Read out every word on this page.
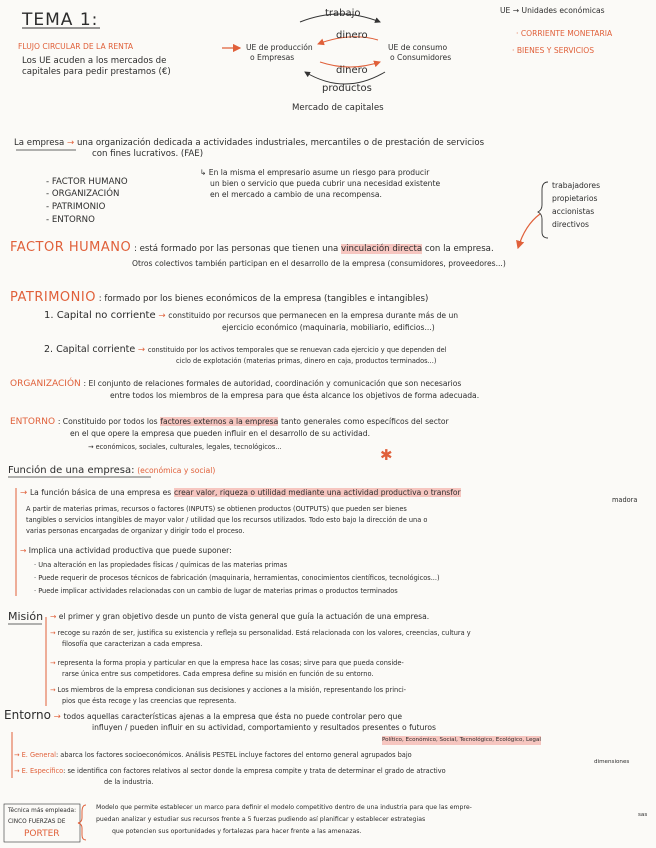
✱
TEMA 1:
FLUJO CIRCULAR DE LA RENTA
Los UE acuden a los mercados de
capitales para pedir prestamos (€)
trabajo
dinero
UE de producción
o Empresas
UE de consumo
o Consumidores
dinero
productos
Mercado de capitales
UE → Unidades económicas
· CORRIENTE MONETARIA
· BIENES Y SERVICIOS
La empresa → una organización dedicada a actividades industriales, mercantiles o de prestación de servicios
con fines lucrativos. (FAE)
- FACTOR HUMANO
- ORGANIZACIÓN
- PATRIMONIO
- ENTORNO
↳ En la misma el empresario asume un riesgo para producir
un bien o servicio que pueda cubrir una necesidad existente
en el mercado a cambio de una recompensa.
trabajadores
propietarios
accionistas
directivos
FACTOR HUMANO : está formado por las personas que tienen una vinculación directa con la empresa.
Otros colectivos también participan en el desarrollo de la empresa (consumidores, proveedores...)
PATRIMONIO : formado por los bienes económicos de la empresa (tangibles e intangibles)
1. Capital no corriente → constituido por recursos que permanecen en la empresa durante más de un
ejercicio económico (maquinaria, mobiliario, edificios...)
2. Capital corriente → constituido por los activos temporales que se renuevan cada ejercicio y que dependen del
ciclo de explotación (materias primas, dinero en caja, productos terminados...)
ORGANIZACIÓN : El conjunto de relaciones formales de autoridad, coordinación y comunicación que son necesarios
entre todos los miembros de la empresa para que ésta alcance los objetivos de forma adecuada.
ENTORNO : Constituido por todos los factores externos a la empresa tanto generales como específicos del sector
en el que opere la empresa que pueden influir en el desarrollo de su actividad.
→ económicos, sociales, culturales, legales, tecnológicos...
Función de una empresa: (económica y social)
→ La función básica de una empresa es crear valor, riqueza o utilidad mediante una actividad productiva o transfor
madora
A partir de materias primas, recursos o factores (INPUTS) se obtienen productos (OUTPUTS) que pueden ser bienes
tangibles o servicios intangibles de mayor valor / utilidad que los recursos utilizados. Todo esto bajo la dirección de una o
varias personas encargadas de organizar y dirigir todo el proceso.
→ Implica una actividad productiva que puede suponer:
· Una alteración en las propiedades físicas / químicas de las materias primas
· Puede requerir de procesos técnicos de fabricación (maquinaria, herramientas, conocimientos científicos, tecnológicos...)
· Puede implicar actividades relacionadas con un cambio de lugar de materias primas o productos terminados
Misión → el primer y gran objetivo desde un punto de vista general que guía la actuación de una empresa.
→ recoge su razón de ser, justifica su existencia y refleja su personalidad. Está relacionada con los valores, creencias, cultura y
filosofía que caracterizan a cada empresa.
→ representa la forma propia y particular en que la empresa hace las cosas; sirve para que pueda conside-
rarse única entre sus competidores. Cada empresa define su misión en función de su entorno.
→ Los miembros de la empresa condicionan sus decisiones y acciones a la misión, representando los princi-
pios que ésta recoge y las creencias que representa.
Entorno → todos aquellas características ajenas a la empresa que ésta no puede controlar pero que
influyen / pueden influir en su actividad, comportamiento y resultados presentes o futuros
Político, Económico, Social, Tecnológico, Ecológico, Legal
→ E. General: abarca los factores socioeconómicos. Análisis PESTEL incluye factores del entorno general agrupados bajo
dimensiones
→ E. Específico: se identifica con factores relativos al sector donde la empresa compite y trata de determinar el grado de atractivo
de la industria.
Técnica más empleada:
CINCO FUERZAS DE
PORTER
Modelo que permite establecer un marco para definir el modelo competitivo dentro de una industria para que las empre-
sas
puedan analizar y estudiar sus recursos frente a 5 fuerzas pudiendo así planificar y establecer estrategias
que potencien sus oportunidades y fortalezas para hacer frente a las amenazas.
